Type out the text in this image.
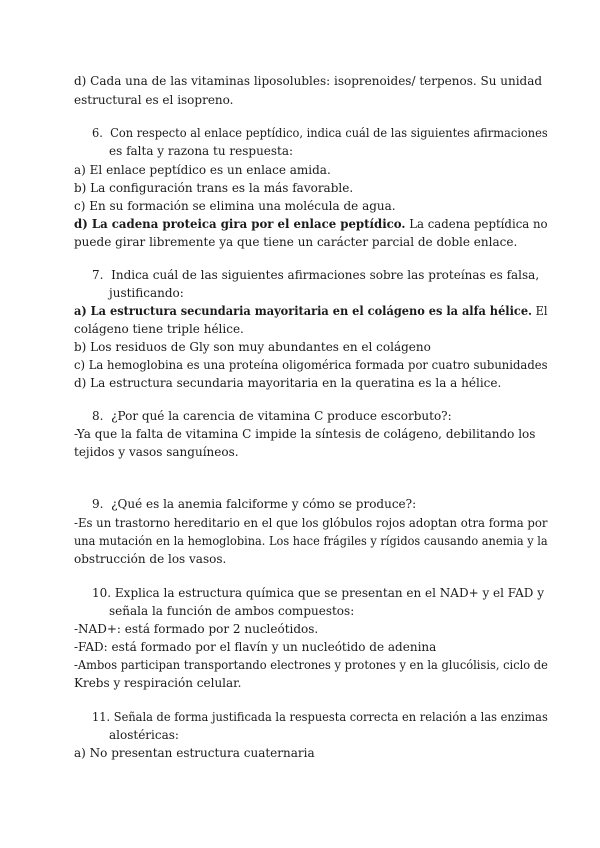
d) Cada una de las vitaminas liposolubles: isoprenoides/ terpenos. Su unidad
estructural es el isopreno.
6. Con respecto al enlace peptídico, indica cuál de las siguientes afirmaciones
es falta y razona tu respuesta:
a) El enlace peptídico es un enlace amida.
b) La configuración trans es la más favorable.
c) En su formación se elimina una molécula de agua.
d) La cadena proteica gira por el enlace peptídico. La cadena peptídica no
puede girar libremente ya que tiene un carácter parcial de doble enlace.
7. Indica cuál de las siguientes afirmaciones sobre las proteínas es falsa,
justificando:
a) La estructura secundaria mayoritaria en el colágeno es la alfa hélice. El
colágeno tiene triple hélice.
b) Los residuos de Gly son muy abundantes en el colágeno
c) La hemoglobina es una proteína oligomérica formada por cuatro subunidades
d) La estructura secundaria mayoritaria en la queratina es la a hélice.
8. ¿Por qué la carencia de vitamina C produce escorbuto?:
-Ya que la falta de vitamina C impide la síntesis de colágeno, debilitando los
tejidos y vasos sanguíneos.
9. ¿Qué es la anemia falciforme y cómo se produce?:
-Es un trastorno hereditario en el que los glóbulos rojos adoptan otra forma por
una mutación en la hemoglobina. Los hace frágiles y rígidos causando anemia y la
obstrucción de los vasos.
10. Explica la estructura química que se presentan en el NAD+ y el FAD y
señala la función de ambos compuestos:
-NAD+: está formado por 2 nucleótidos.
-FAD: está formado por el flavín y un nucleótido de adenina
-Ambos participan transportando electrones y protones y en la glucólisis, ciclo de
Krebs y respiración celular.
11. Señala de forma justificada la respuesta correcta en relación a las enzimas
alostéricas:
a) No presentan estructura cuaternaria
